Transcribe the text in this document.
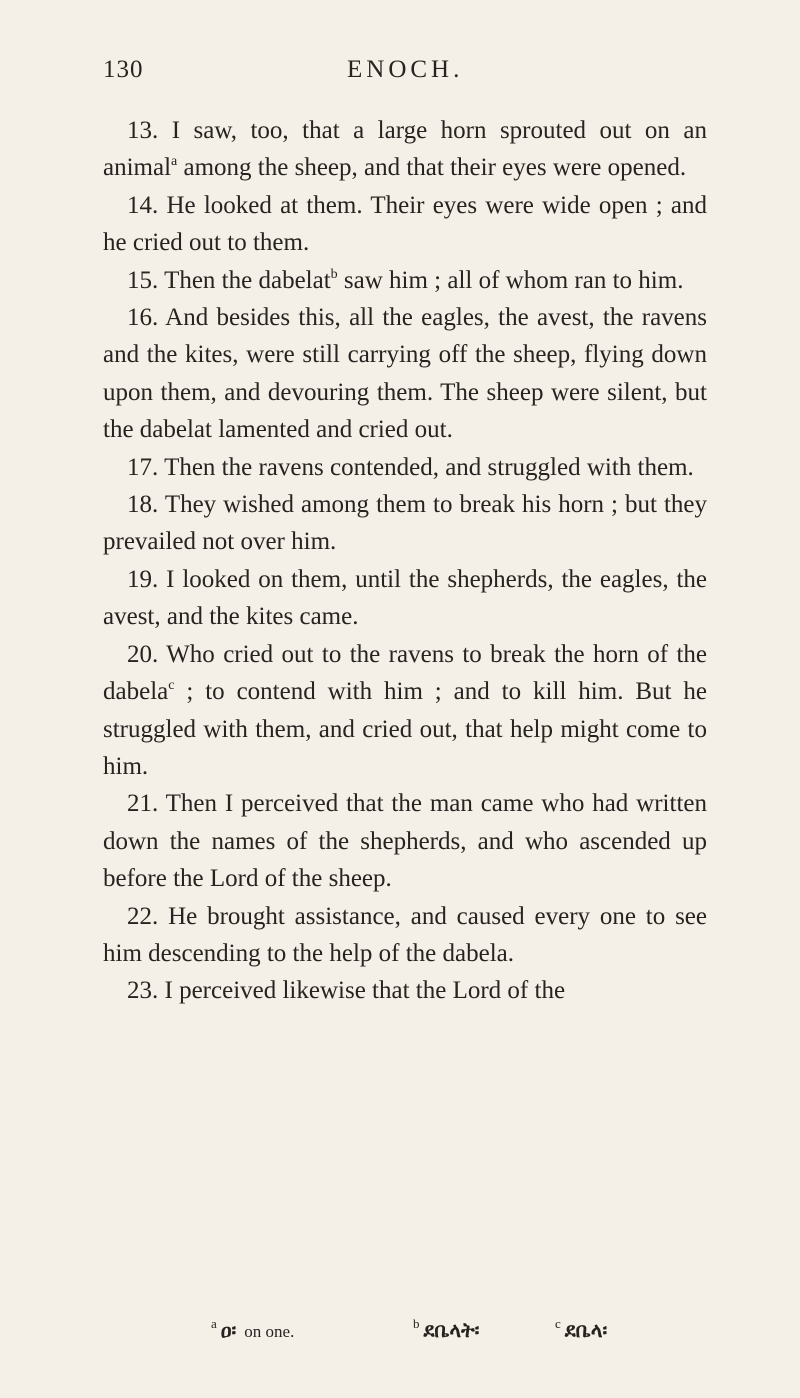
130	ENOCH.

13. I saw, too, that a large horn sprouted out on an animal$^a$ among the sheep, and that their eyes were opened.

14. He looked at them. Their eyes were wide open ; and he cried out to them.

15. Then the dabelat$^b$ saw him ; all of whom ran to him.

16. And besides this, all the eagles, the avest, the ravens and the kites, were still carrying off the sheep, flying down upon them, and devouring them. The sheep were silent, but the dabelat lamented and cried out.

17. Then the ravens contended, and struggled with them.

18. They wished among them to break his horn ; but they prevailed not over him.

19. I looked on them, until the shepherds, the eagles, the avest, and the kites came.

20. Who cried out to the ravens to break the horn of the dabela$^c$ ; to contend with him ; and to kill him. But he struggled with them, and cried out, that help might come to him.

21. Then I perceived that the man came who had written down the names of the shepherds, and who ascended up before the Lord of the sheep.

22. He brought assistance, and caused every one to see him descending to the help of the dabela.

23. I perceived likewise that the Lord of the

$^a$ ዐ፡ on one.	$^b$ ደቤላት፡	$^c$ ደቤላ፡
